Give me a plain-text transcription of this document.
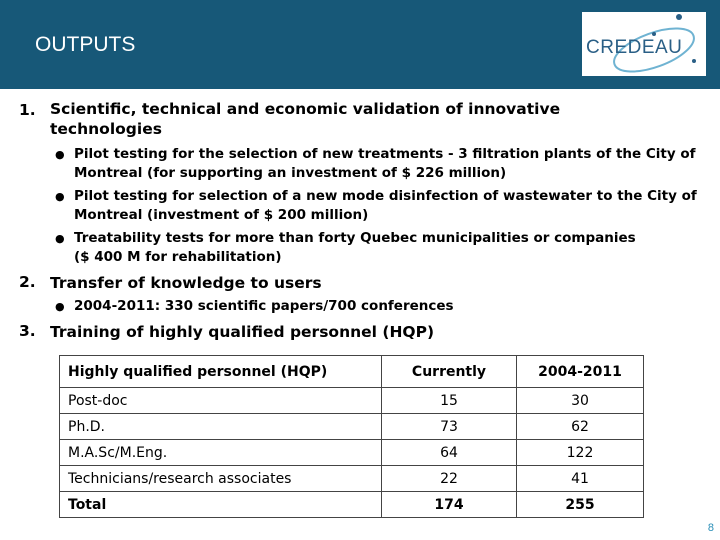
OUTPUTS	CREDEAU
1. Scientific, technical and economic validation of innovative technologies
● Pilot testing for the selection of new treatments - 3 filtration plants of the City of Montreal (for supporting an investment of $ 226 million)
● Pilot testing for selection of a new mode disinfection of wastewater to the City of Montreal (investment of $ 200 million)
● Treatability tests for more than forty Quebec municipalities or companies ($ 400 M for rehabilitation)
2. Transfer of knowledge to users
● 2004-2011: 330 scientific papers/700 conferences
3. Training of highly qualified personnel (HQP)
Highly qualified personnel (HQP)	Currently	2004-2011
Post-doc	15	30
Ph.D.	73	62
M.A.Sc/M.Eng.	64	122
Technicians/research associates	22	41
Total	174	255
8
